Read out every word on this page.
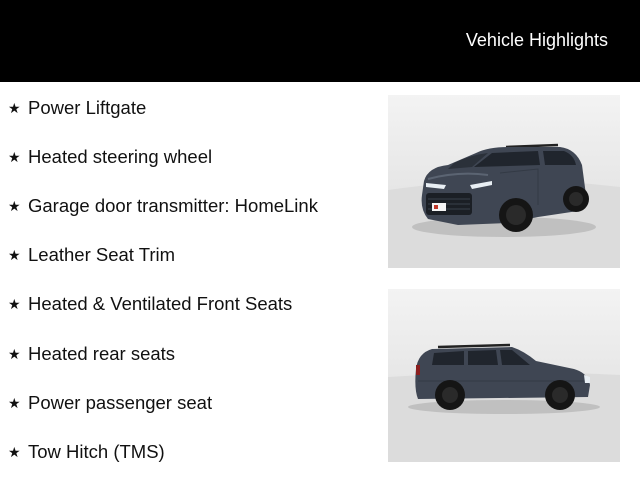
Vehicle Highlights
★ Power Liftgate
★ Heated steering wheel
★ Garage door transmitter: HomeLink
★ Leather Seat Trim
★ Heated & Ventilated Front Seats
★ Heated rear seats
★ Power passenger seat
★ Tow Hitch (TMS)
